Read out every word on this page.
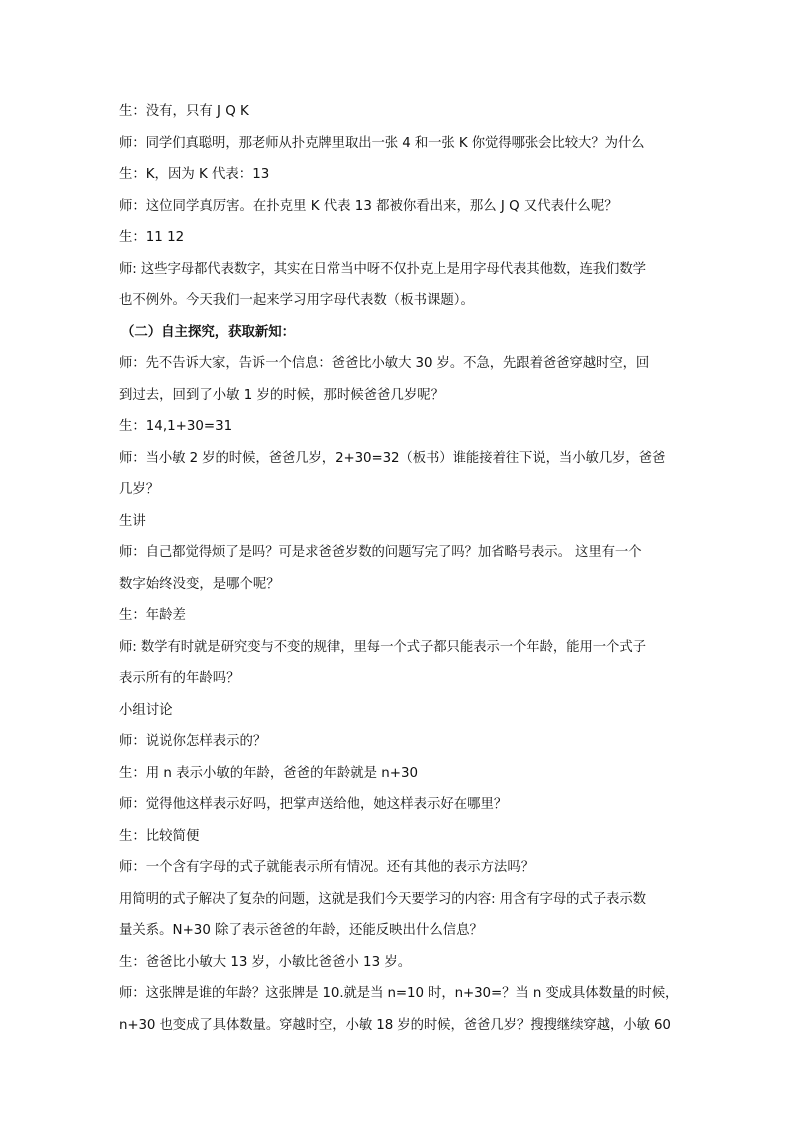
生：没有，只有 J Q K
师：同学们真聪明，那老师从扑克牌里取出一张 4 和一张 K 你觉得哪张会比较大？为什么
生：K，因为 K 代表：13
师：这位同学真厉害。在扑克里 K 代表 13 都被你看出来，那么 J Q 又代表什么呢？
生：11 12
师: 这些字母都代表数字，其实在日常当中呀不仅扑克上是用字母代表其他数，连我们数学
也不例外。今天我们一起来学习用字母代表数（板书课题）。
（二）自主探究，获取新知：
师：先不告诉大家，告诉一个信息：爸爸比小敏大 30 岁。不急，先跟着爸爸穿越时空，回
到过去，回到了小敏 1 岁的时候，那时候爸爸几岁呢？
生：14,1+30=31
师：当小敏 2 岁的时候，爸爸几岁，2+30=32（板书）谁能接着往下说，当小敏几岁，爸爸
几岁？
生讲
师：自己都觉得烦了是吗？可是求爸爸岁数的问题写完了吗？加省略号表示。 这里有一个
数字始终没变，是哪个呢？
生：年龄差
师: 数学有时就是研究变与不变的规律，里每一个式子都只能表示一个年龄，能用一个式子
表示所有的年龄吗？
小组讨论
师：说说你怎样表示的？
生：用 n 表示小敏的年龄，爸爸的年龄就是 n+30
师：觉得他这样表示好吗，把掌声送给他，她这样表示好在哪里？
生：比较简便
师：一个含有字母的式子就能表示所有情况。还有其他的表示方法吗？
用简明的式子解决了复杂的问题，这就是我们今天要学习的内容: 用含有字母的式子表示数
量关系。N+30 除了表示爸爸的年龄，还能反映出什么信息？
生：爸爸比小敏大 13 岁，小敏比爸爸小 13 岁。
师：这张牌是谁的年龄？这张牌是 10.就是当 n=10 时，n+30=？当 n 变成具体数量的时候，
n+30 也变成了具体数量。穿越时空，小敏 18 岁的时候，爸爸几岁？搜搜继续穿越，小敏 60
